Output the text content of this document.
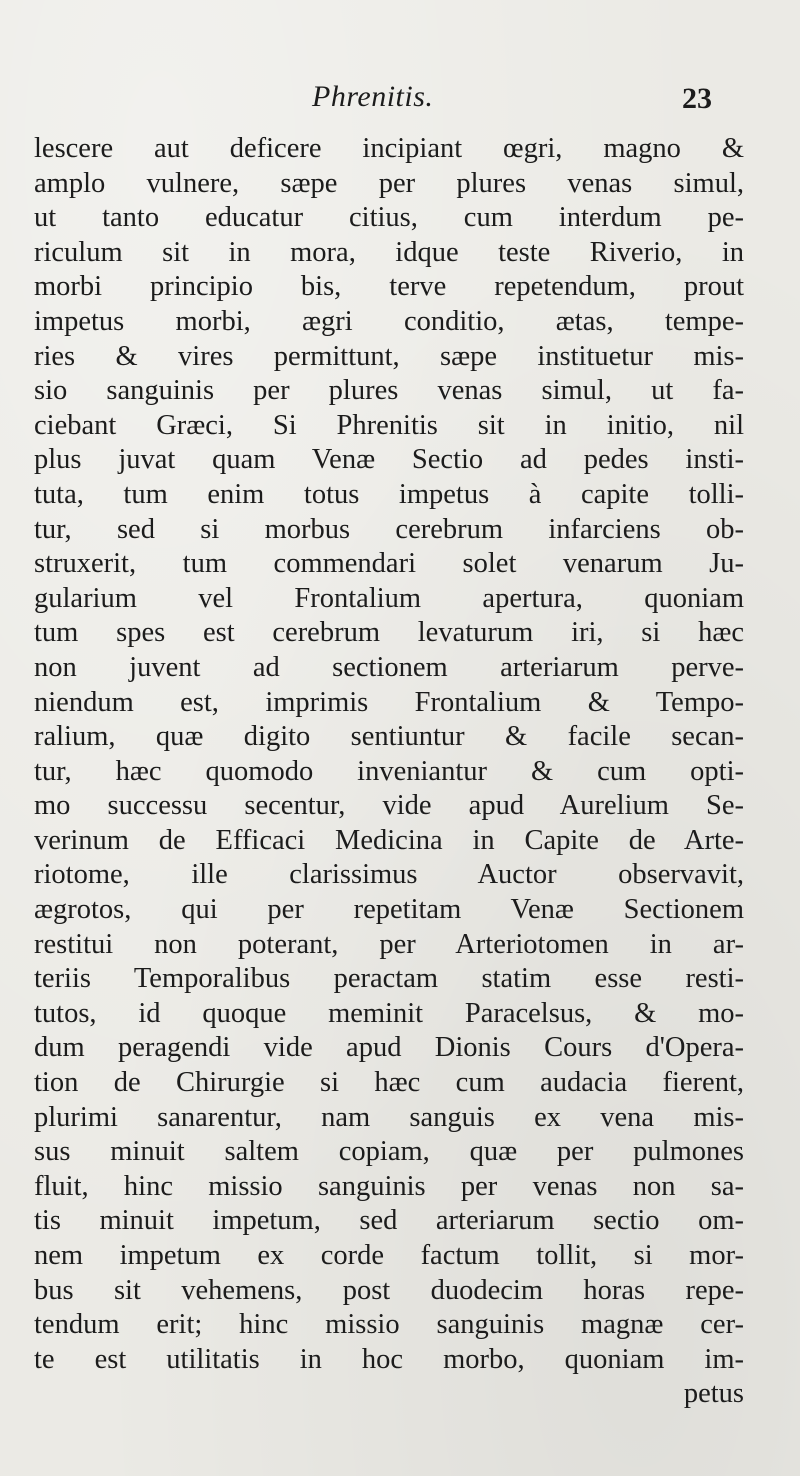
Phrenitis.	23
lescere aut deficere incipiant œgri, magno &
amplo vulnere, sæpe per plures venas simul,
ut tanto educatur citius, cum interdum pe-
riculum sit in mora, idque teste Riverio, in
morbi principio bis, terve repetendum, prout
impetus morbi, ægri conditio, ætas, tempe-
ries & vires permittunt, sæpe instituetur mis-
sio sanguinis per plures venas simul, ut fa-
ciebant Græci, Si Phrenitis sit in initio, nil
plus juvat quam Venæ Sectio ad pedes insti-
tuta, tum enim totus impetus à capite tolli-
tur, sed si morbus cerebrum infarciens ob-
struxerit, tum commendari solet venarum Ju-
gularium vel Frontalium apertura, quoniam
tum spes est cerebrum levaturum iri, si hæc
non juvent ad sectionem arteriarum perve-
niendum est, imprimis Frontalium & Tempo-
ralium, quæ digito sentiuntur & facile secan-
tur, hæc quomodo inveniantur & cum opti-
mo successu secentur, vide apud Aurelium Se-
verinum de Efficaci Medicina in Capite de Arte-
riotome, ille clarissimus Auctor observavit,
ægrotos, qui per repetitam Venæ Sectionem
restitui non poterant, per Arteriotomen in ar-
teriis Temporalibus peractam statim esse resti-
tutos, id quoque meminit Paracelsus, & mo-
dum peragendi vide apud Dionis Cours d'Opera-
tion de Chirurgie si hæc cum audacia fierent,
plurimi sanarentur, nam sanguis ex vena mis-
sus minuit saltem copiam, quæ per pulmones
fluit, hinc missio sanguinis per venas non sa-
tis minuit impetum, sed arteriarum sectio om-
nem impetum ex corde factum tollit, si mor-
bus sit vehemens, post duodecim horas repe-
tendum erit; hinc missio sanguinis magnæ cer-
te est utilitatis in hoc morbo, quoniam im-
petus
